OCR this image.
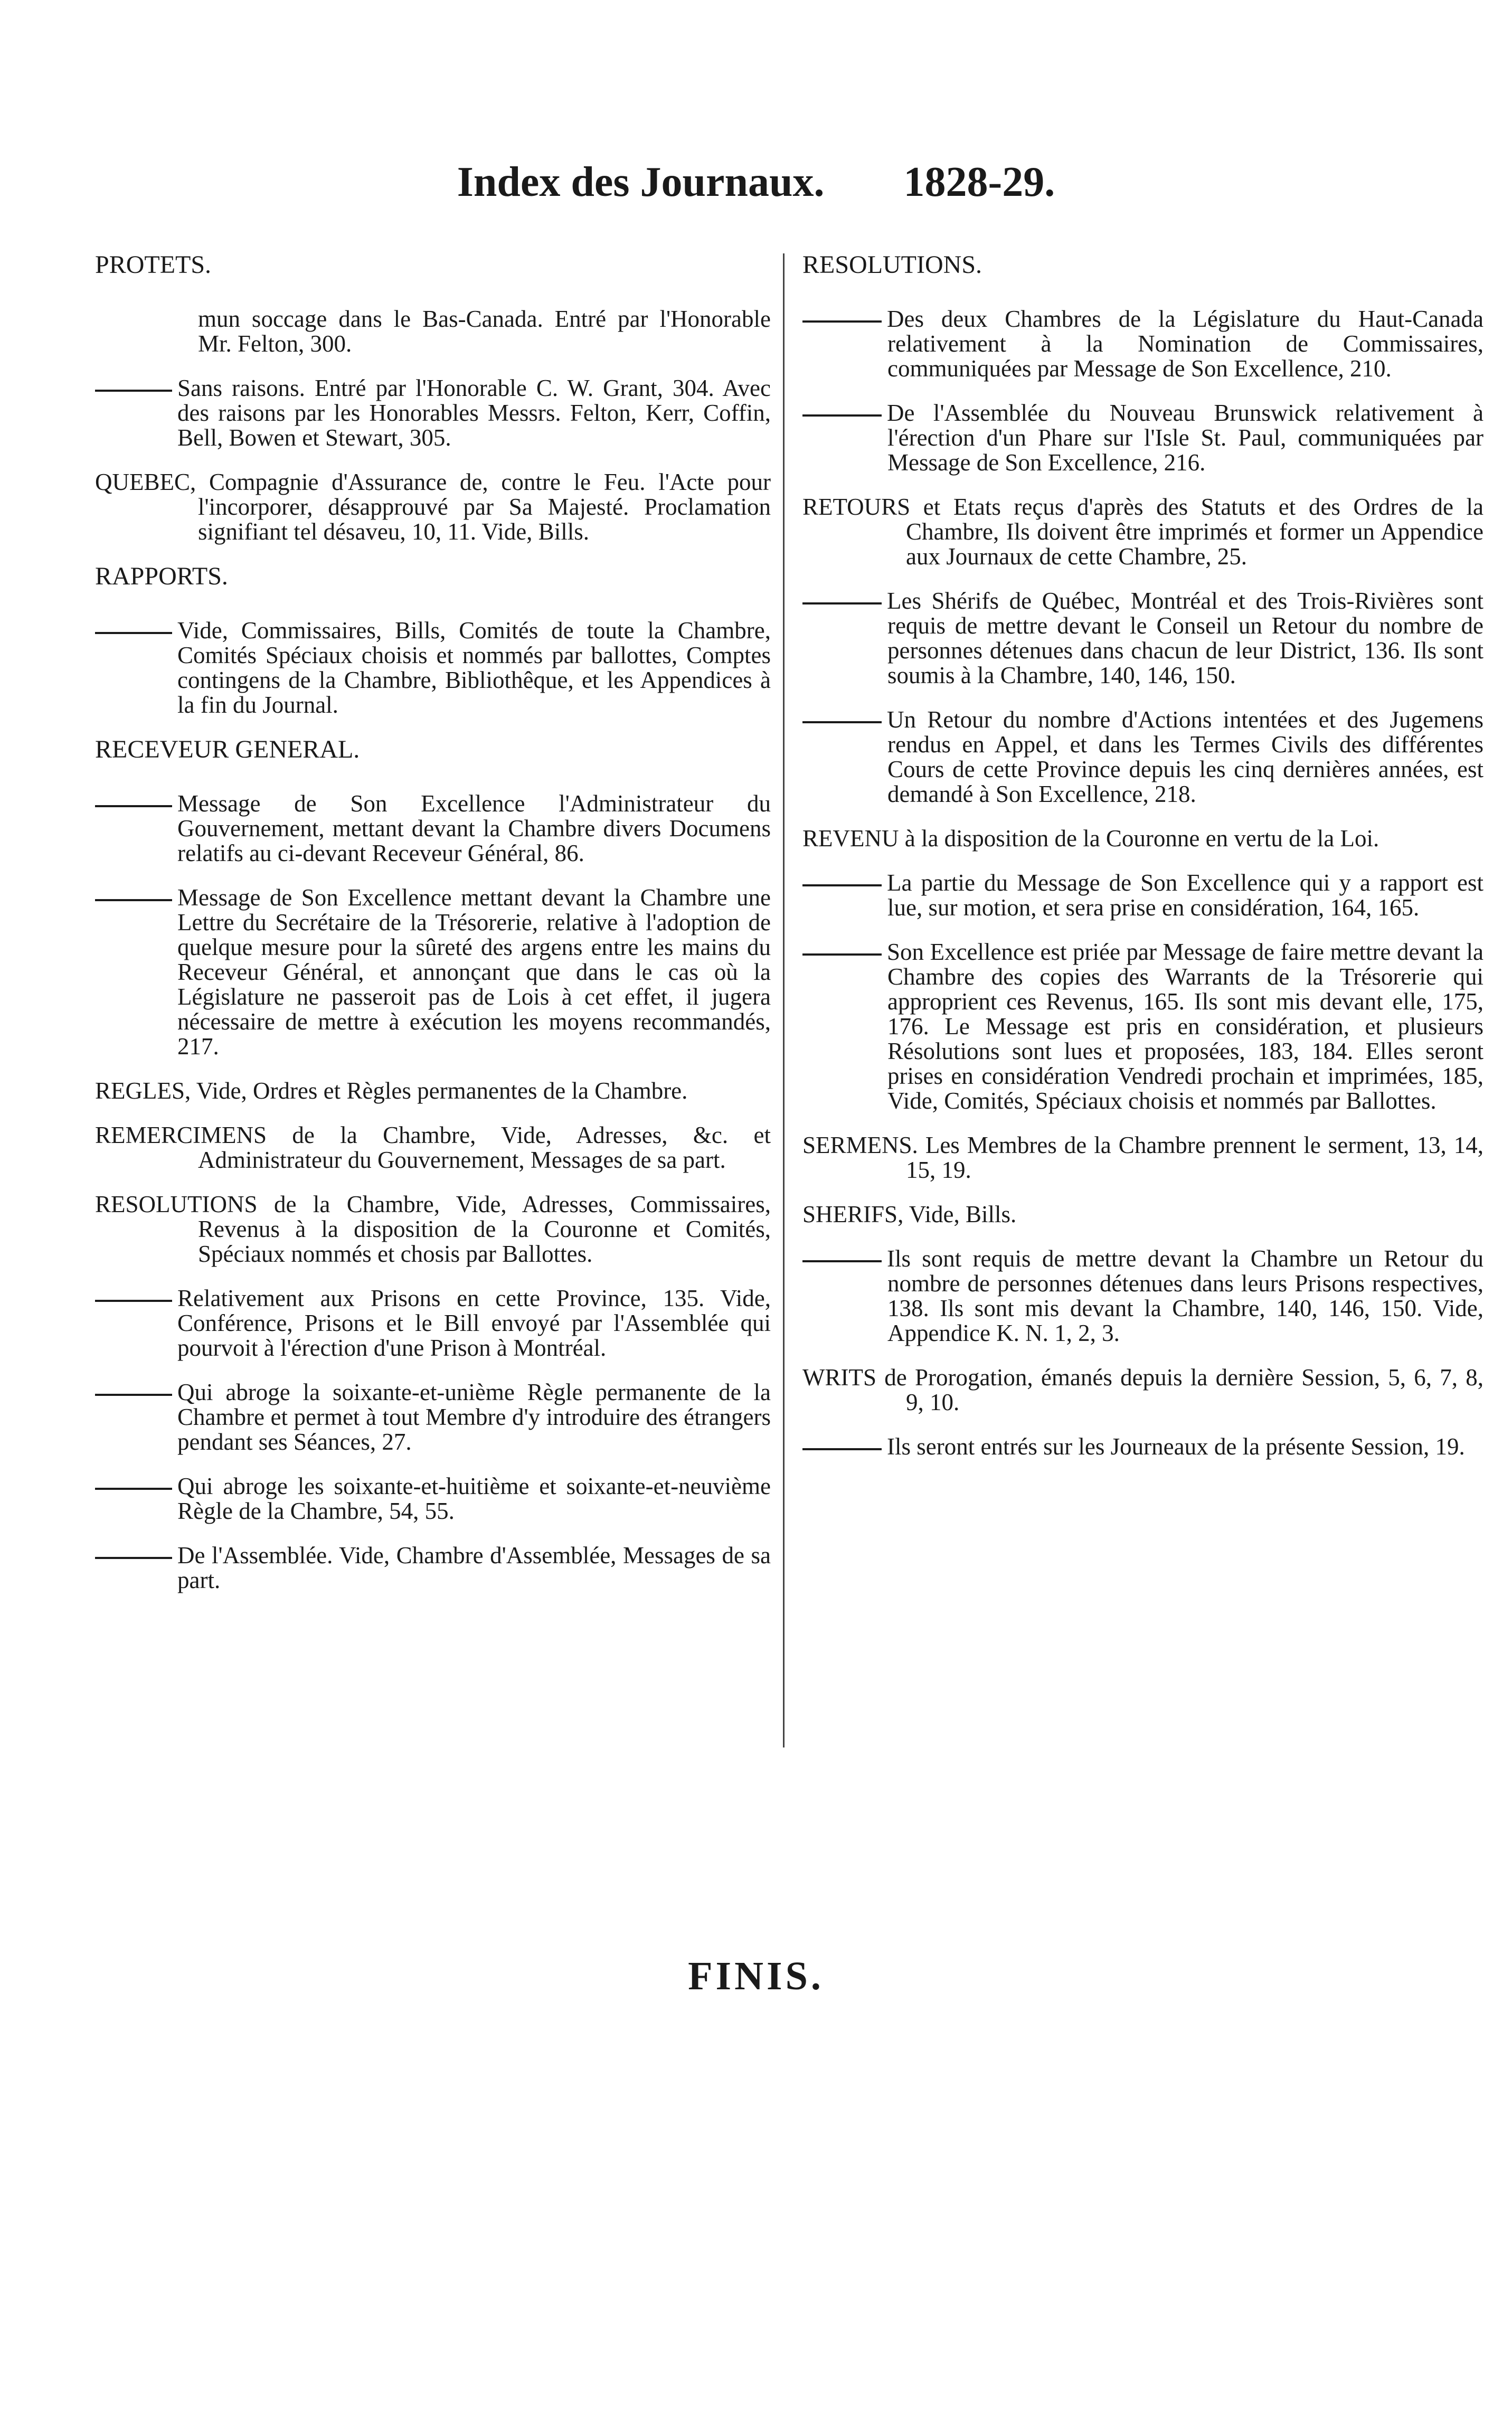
Index des Journaux. 1828-29.
PROTETS.
mun soccage dans le Bas-Canada. Entré par l'Honorable Mr. Felton, 300.
Sans raisons. Entré par l'Honorable C. W. Grant, 304. Avec des raisons par les Honorables Messrs. Felton, Kerr, Coffin, Bell, Bowen et Stewart, 305.
QUEBEC, Compagnie d'Assurance de, contre le Feu. l'Acte pour l'incorporer, désapprouvé par Sa Majesté. Proclamation signifiant tel désaveu, 10, 11. Vide, Bills.
RAPPORTS.
Vide, Commissaires, Bills, Comités de toute la Chambre, Comités Spéciaux choisis et nommés par ballottes, Comptes contingens de la Chambre, Bibliothêque, et les Appendices à la fin du Journal.
RECEVEUR GENERAL.
Message de Son Excellence l'Administrateur du Gouvernement, mettant devant la Chambre divers Documens relatifs au ci-devant Receveur Général, 86.
Message de Son Excellence mettant devant la Chambre une Lettre du Secrétaire de la Trésorerie, relative à l'adoption de quelque mesure pour la sûreté des argens entre les mains du Receveur Général, et annonçant que dans le cas où la Législature ne passeroit pas de Lois à cet effet, il jugera nécessaire de mettre à exécution les moyens recommandés, 217.
REGLES, Vide, Ordres et Règles permanentes de la Chambre.
REMERCIMENS de la Chambre, Vide, Adresses, &c. et Administrateur du Gouvernement, Messages de sa part.
RESOLUTIONS de la Chambre, Vide, Adresses, Commissaires, Revenus à la disposition de la Couronne et Comités, Spéciaux nommés et chosis par Ballottes.
Relativement aux Prisons en cette Province, 135. Vide, Conférence, Prisons et le Bill envoyé par l'Assemblée qui pourvoit à l'érection d'une Prison à Montréal.
Qui abroge la soixante-et-unième Règle permanente de la Chambre et permet à tout Membre d'y introduire des étrangers pendant ses Séances, 27.
Qui abroge les soixante-et-huitième et soixante-et-neuvième Règle de la Chambre, 54, 55.
De l'Assemblée. Vide, Chambre d'Assemblée, Messages de sa part.
RESOLUTIONS.
Des deux Chambres de la Législature du Haut-Canada relativement à la Nomination de Commissaires, communiquées par Message de Son Excellence, 210.
De l'Assemblée du Nouveau Brunswick relativement à l'érection d'un Phare sur l'Isle St. Paul, communiquées par Message de Son Excellence, 216.
RETOURS et Etats reçus d'après des Statuts et des Ordres de la Chambre, Ils doivent être imprimés et former un Appendice aux Journaux de cette Chambre, 25.
Les Shérifs de Québec, Montréal et des Trois-Rivières sont requis de mettre devant le Conseil un Retour du nombre de personnes détenues dans chacun de leur District, 136. Ils sont soumis à la Chambre, 140, 146, 150.
Un Retour du nombre d'Actions intentées et des Jugemens rendus en Appel, et dans les Termes Civils des différentes Cours de cette Province depuis les cinq dernières années, est demandé à Son Excellence, 218.
REVENU à la disposition de la Couronne en vertu de la Loi.
La partie du Message de Son Excellence qui y a rapport est lue, sur motion, et sera prise en considération, 164, 165.
Son Excellence est priée par Message de faire mettre devant la Chambre des copies des Warrants de la Trésorerie qui approprient ces Revenus, 165. Ils sont mis devant elle, 175, 176. Le Message est pris en considération, et plusieurs Résolutions sont lues et proposées, 183, 184. Elles seront prises en considération Vendredi prochain et imprimées, 185, Vide, Comités, Spéciaux choisis et nommés par Ballottes.
SERMENS. Les Membres de la Chambre prennent le serment, 13, 14, 15, 19.
SHERIFS, Vide, Bills.
Ils sont requis de mettre devant la Chambre un Retour du nombre de personnes détenues dans leurs Prisons respectives, 138. Ils sont mis devant la Chambre, 140, 146, 150. Vide, Appendice K. N. 1, 2, 3.
WRITS de Prorogation, émanés depuis la dernière Session, 5, 6, 7, 8, 9, 10.
Ils seront entrés sur les Journeaux de la présente Session, 19.
FINIS.
